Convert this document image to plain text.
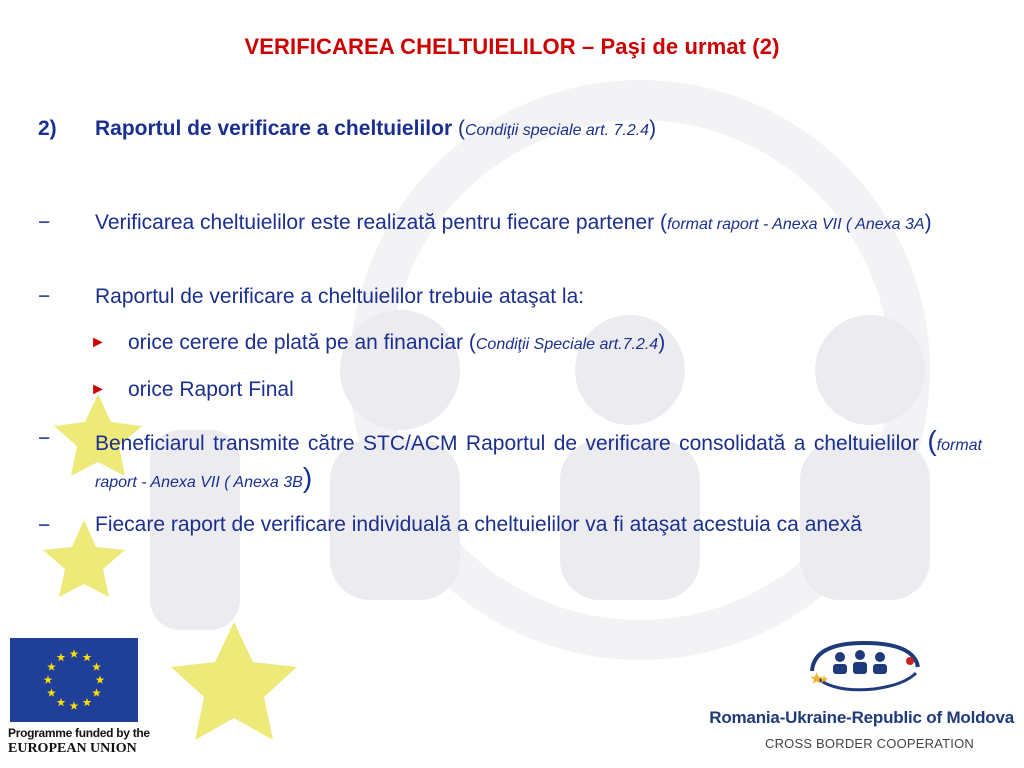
VERIFICAREA CHELTUIELILOR – Paşi de urmat (2)
2) Raportul de verificare a cheltuielilor (Condiţii speciale art. 7.2.4)
−	Verificarea cheltuielilor este realizată pentru fiecare partener (format raport - Anexa VII ( Anexa 3A)
−	Raportul de verificare a cheltuielilor trebuie ataşat la:
► orice cerere de plată pe an financiar (Condiţii Speciale art.7.2.4)
► orice Raport Final
−	Beneficiarul transmite către STC/ACM Raportul de verificare consolidată a cheltuielilor (format raport - Anexa VII ( Anexa 3B)
−	Fiecare raport de verificare individuală a cheltuielilor va fi ataşat acestuia ca anexă
Programme funded by the
EUROPEAN UNION
Romania-Ukraine-Republic of Moldova
CROSS BORDER COOPERATION
